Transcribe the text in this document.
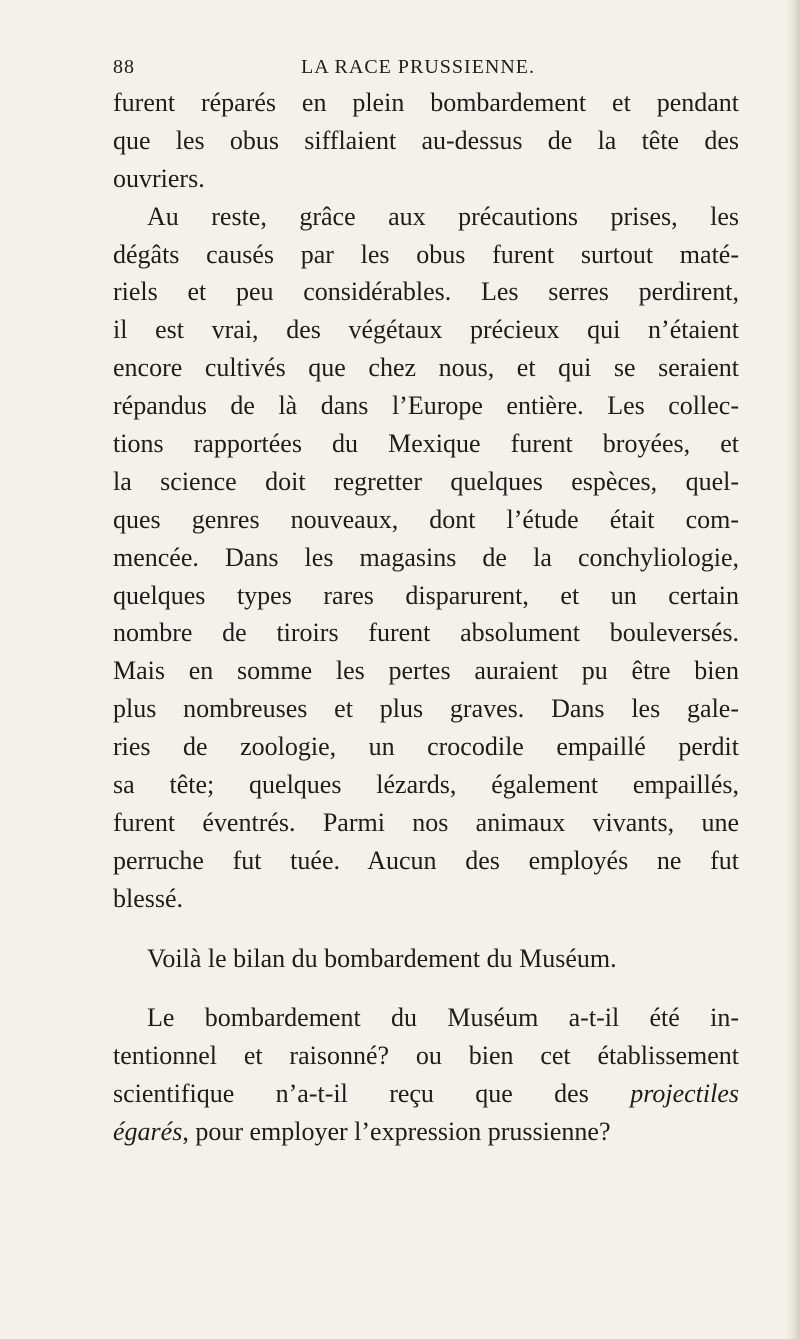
88	LA RACE PRUSSIENNE.
furent réparés en plein bombardement et pendant
que les obus sifflaient au-dessus de la tête des
ouvriers.
Au reste, grâce aux précautions prises, les
dégâts causés par les obus furent surtout maté-
riels et peu considérables. Les serres perdirent,
il est vrai, des végétaux précieux qui n’étaient
encore cultivés que chez nous, et qui se seraient
répandus de là dans l’Europe entière. Les collec-
tions rapportées du Mexique furent broyées, et
la science doit regretter quelques espèces, quel-
ques genres nouveaux, dont l’étude était com-
mencée. Dans les magasins de la conchyliologie,
quelques types rares disparurent, et un certain
nombre de tiroirs furent absolument bouleversés.
Mais en somme les pertes auraient pu être bien
plus nombreuses et plus graves. Dans les gale-
ries de zoologie, un crocodile empaillé perdit
sa tête; quelques lézards, également empaillés,
furent éventrés. Parmi nos animaux vivants, une
perruche fut tuée. Aucun des employés ne fut
blessé.
Voilà le bilan du bombardement du Muséum.
Le bombardement du Muséum a-t-il été in-
tentionnel et raisonné? ou bien cet établissement
scientifique n’a-t-il reçu que des projectiles
égarés, pour employer l’expression prussienne?
